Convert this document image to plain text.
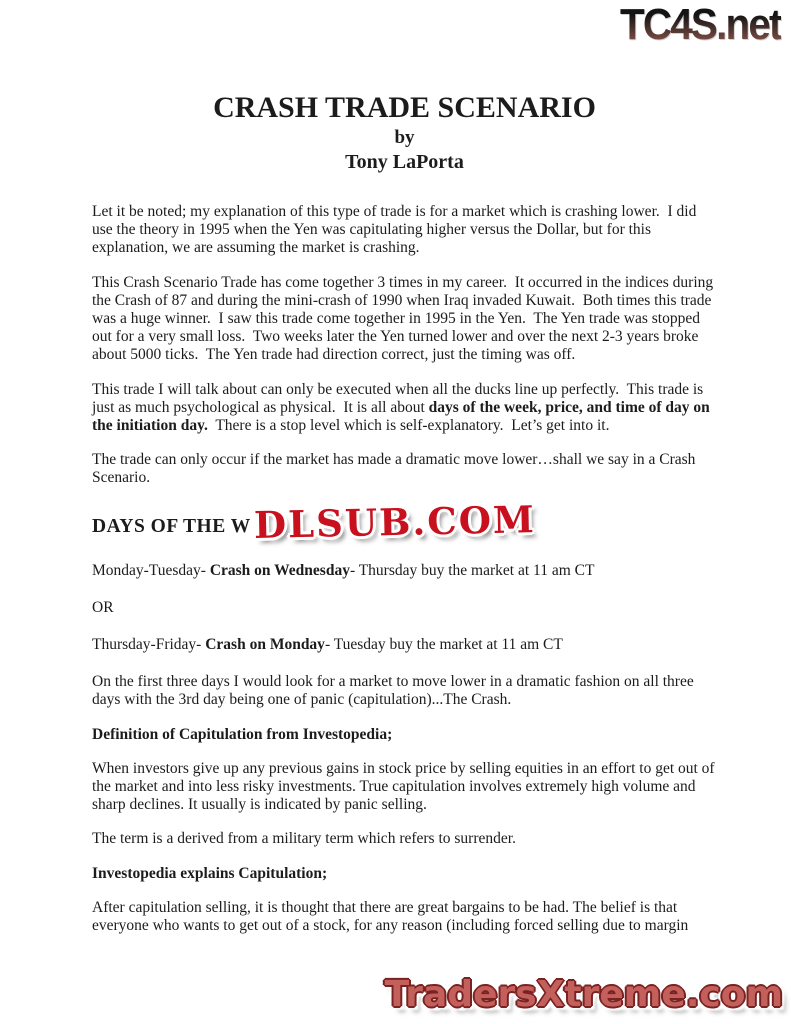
TC4S.net
CRASH TRADE SCENARIO
by
Tony LaPorta

Let it be noted; my explanation of this type of trade is for a market which is crashing lower.  I did use the theory in 1995 when the Yen was capitulating higher versus the Dollar, but for this explanation, we are assuming the market is crashing.

This Crash Scenario Trade has come together 3 times in my career.  It occurred in the indices during the Crash of 87 and during the mini-crash of 1990 when Iraq invaded Kuwait.  Both times this trade was a huge winner.  I saw this trade come together in 1995 in the Yen.  The Yen trade was stopped out for a very small loss.  Two weeks later the Yen turned lower and over the next 2-3 years broke about 5000 ticks.  The Yen trade had direction correct, just the timing was off.

This trade I will talk about can only be executed when all the ducks line up perfectly.  This trade is just as much psychological as physical.  It is all about days of the week, price, and time of day on the initiation day.  There is a stop level which is self-explanatory.  Let’s get into it.

The trade can only occur if the market has made a dramatic move lower…shall we say in a Crash Scenario.

DAYS OF THE W DLSUB.COM

Monday-Tuesday- Crash on Wednesday- Thursday buy the market at 11 am CT

OR

Thursday-Friday- Crash on Monday- Tuesday buy the market at 11 am CT

On the first three days I would look for a market to move lower in a dramatic fashion on all three days with the 3rd day being one of panic (capitulation)...The Crash.

Definition of Capitulation from Investopedia;

When investors give up any previous gains in stock price by selling equities in an effort to get out of the market and into less risky investments. True capitulation involves extremely high volume and sharp declines. It usually is indicated by panic selling.

The term is a derived from a military term which refers to surrender.

Investopedia explains Capitulation;

After capitulation selling, it is thought that there are great bargains to be had. The belief is that everyone who wants to get out of a stock, for any reason (including forced selling due to margin

TradersXtreme.com
